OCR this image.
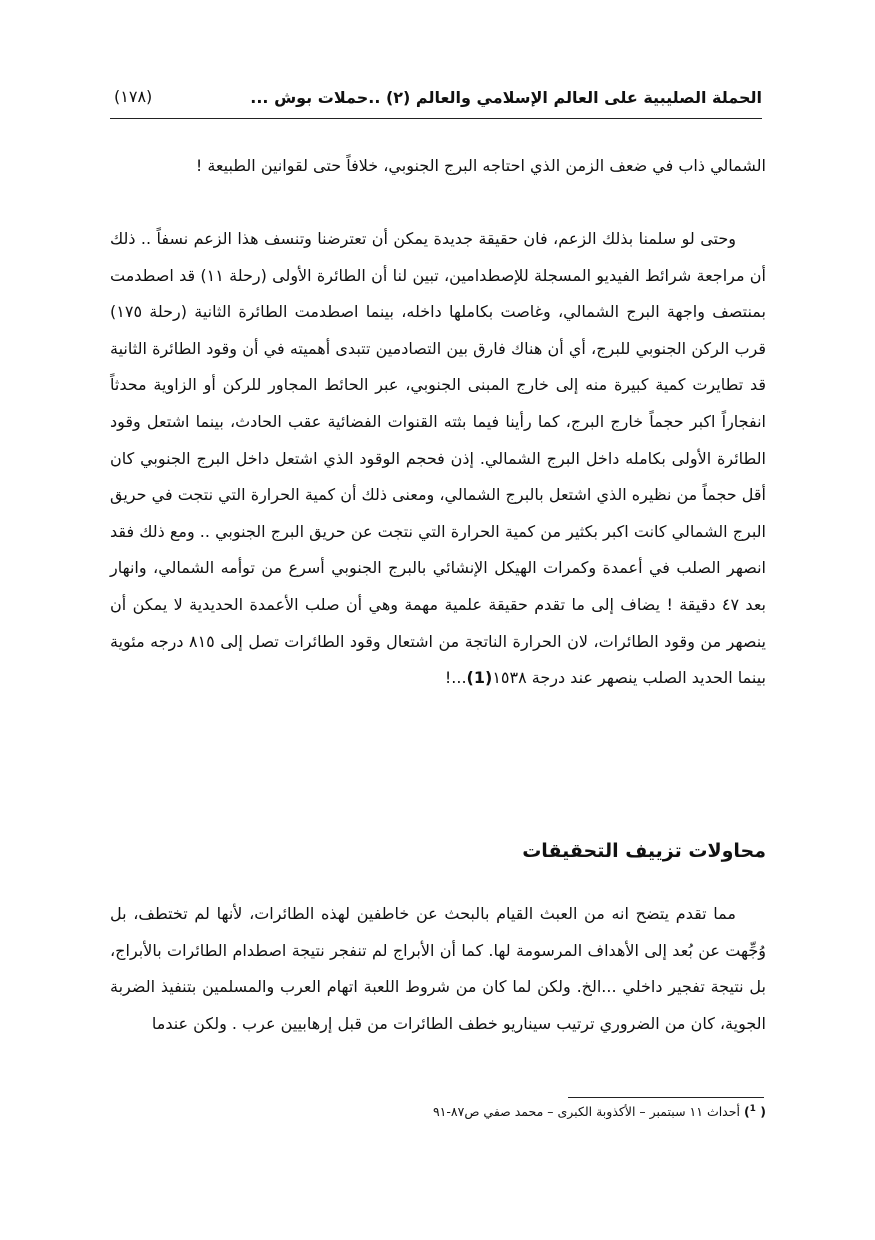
الحملة الصليبية على العالم الإسلامي والعالم (٢) ..حملات بوش ...
(١٧٨)

الشمالي ذاب في ضعف الزمن الذي احتاجه البرج الجنوبي، خلافاً حتى لقوانين الطبيعة !

وحتى لو سلمنا بذلك الزعم، فان حقيقة جديدة يمكن أن تعترضنا وتنسف هذا الزعم نسفاً .. ذلك أن مراجعة شرائط الفيديو المسجلة للإصطدامين، تبين لنا أن الطائرة الأولى (رحلة ١١) قد اصطدمت بمنتصف واجهة البرج الشمالي، وغاصت بكاملها داخله، بينما اصطدمت الطائرة الثانية (رحلة ١٧٥) قرب الركن الجنوبي للبرج، أي أن هناك فارق بين التصادمين تتبدى أهميته في أن وقود الطائرة الثانية قد تطايرت كمية كبيرة منه إلى خارج المبنى الجنوبي، عبر الحائط المجاور للركن أو الزاوية محدثاً انفجاراً اكبر حجماً خارج البرج، كما رأينا فيما بثته القنوات الفضائية عقب الحادث، بينما اشتعل وقود الطائرة الأولى بكامله داخل البرج الشمالي. إذن فحجم الوقود الذي اشتعل داخل البرج الجنوبي كان أقل حجماً من نظيره الذي اشتعل بالبرج الشمالي، ومعنى ذلك أن كمية الحرارة التي نتجت في حريق البرج الشمالي كانت اكبر بكثير من كمية الحرارة التي نتجت عن حريق البرج الجنوبي .. ومع ذلك فقد انصهر الصلب في أعمدة وكمرات الهيكل الإنشائي بالبرج الجنوبي أسرع من توأمه الشمالي، وانهار بعد ٤٧ دقيقة ! يضاف إلى ما تقدم حقيقة علمية مهمة وهي أن صلب الأعمدة الحديدية لا يمكن أن ينصهر من وقود الطائرات، لان الحرارة الناتجة من اشتعال وقود الطائرات تصل إلى ٨١٥ درجه مئوية بينما الحديد الصلب ينصهر عند درجة ١٥٣٨(1)...!

محاولات تزييف التحقيقات

مما تقدم يتضح انه من العبث القيام بالبحث عن خاطفين لهذه الطائرات، لأنها لم تختطف، بل وُجِّهت عن بُعد إلى الأهداف المرسومة لها. كما أن الأبراج لم تنفجر نتيجة اصطدام الطائرات بالأبراج، بل نتيجة تفجير داخلي ...الخ. ولكن لما كان من شروط اللعبة اتهام العرب والمسلمين بتنفيذ الضربة الجوية، كان من الضروري ترتيب سيناريو خطف الطائرات من قبل إرهابيين عرب . ولكن عندما

( $^1$) أحداث ١١ سبتمبر – الأكذوبة الكبرى – محمد صفي ص٨٧-٩١
